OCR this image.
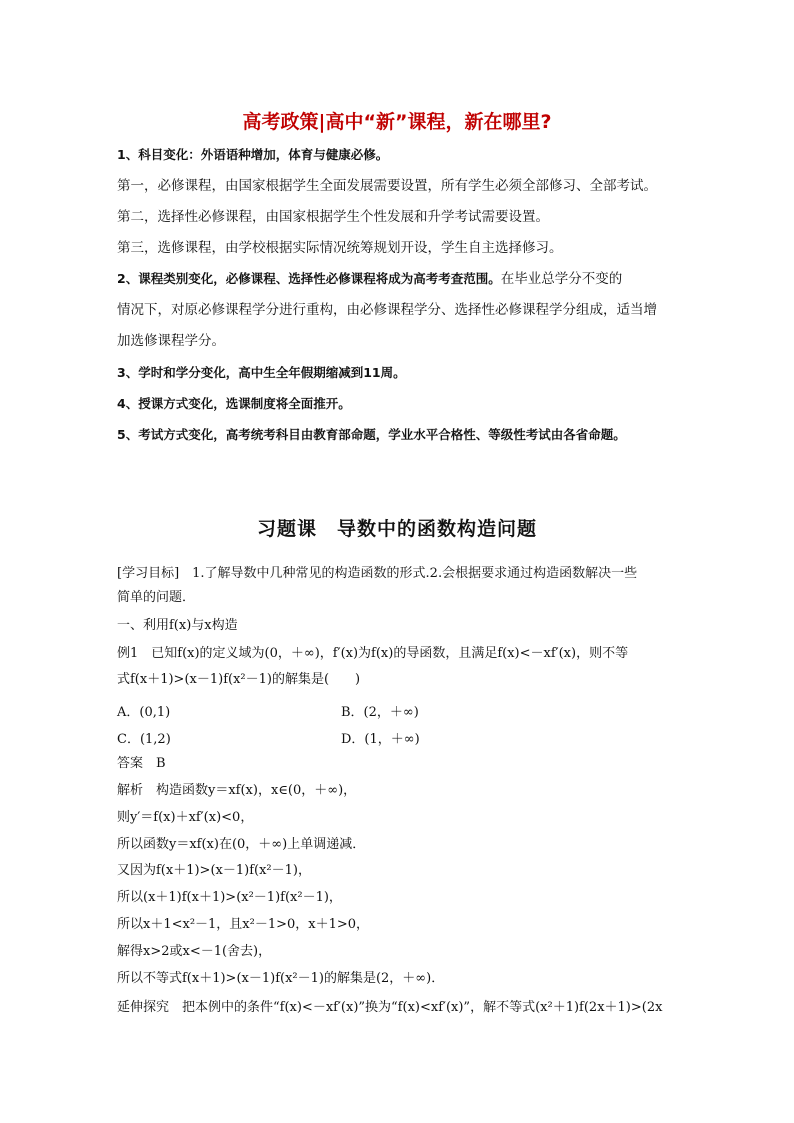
高考政策|高中“新”课程，新在哪里?
1、科目变化：外语语种增加，体育与健康必修。
第一，必修课程，由国家根据学生全面发展需要设置，所有学生必须全部修习、全部考试。
第二，选择性必修课程，由国家根据学生个性发展和升学考试需要设置。
第三，选修课程，由学校根据实际情况统筹规划开设，学生自主选择修习。
2、课程类别变化，必修课程、选择性必修课程将成为高考考查范围。在毕业总学分不变的
情况下，对原必修课程学分进行重构，由必修课程学分、选择性必修课程学分组成，适当增
加选修课程学分。
3、学时和学分变化，高中生全年假期缩减到11周。
4、授课方式变化，选课制度将全面推开。
5、考试方式变化，高考统考科目由教育部命题，学业水平合格性、等级性考试由各省命题。
习题课　导数中的函数构造问题
[学习目标]　1.了解导数中几种常见的构造函数的形式.2.会根据要求通过构造函数解决一些
简单的问题．
一、利用f(x)与x构造
例1　已知f(x)的定义域为(0，＋∞)，f′(x)为f(x)的导函数，且满足f(x)<－xf′(x)，则不等
式f(x＋1)>(x－1)f(x²－1)的解集是(　　)
A．(0,1)	B．(2，＋∞)
C．(1,2)	D．(1，＋∞)
答案　B
解析　构造函数y＝xf(x)，x∈(0，＋∞)，
则y′＝f(x)＋xf′(x)<0，
所以函数y＝xf(x)在(0，＋∞)上单调递减．
又因为f(x＋1)>(x－1)f(x²－1)，
所以(x＋1)f(x＋1)>(x²－1)f(x²－1)，
所以x＋1<x²－1，且x²－1>0，x＋1>0，
解得x>2或x<－1(舍去)，
所以不等式f(x＋1)>(x－1)f(x²－1)的解集是(2，＋∞)．
延伸探究　把本例中的条件“f(x)<－xf′(x)”换为“f(x)<xf′(x)”，解不等式(x²＋1)f(2x＋1)>(2x
